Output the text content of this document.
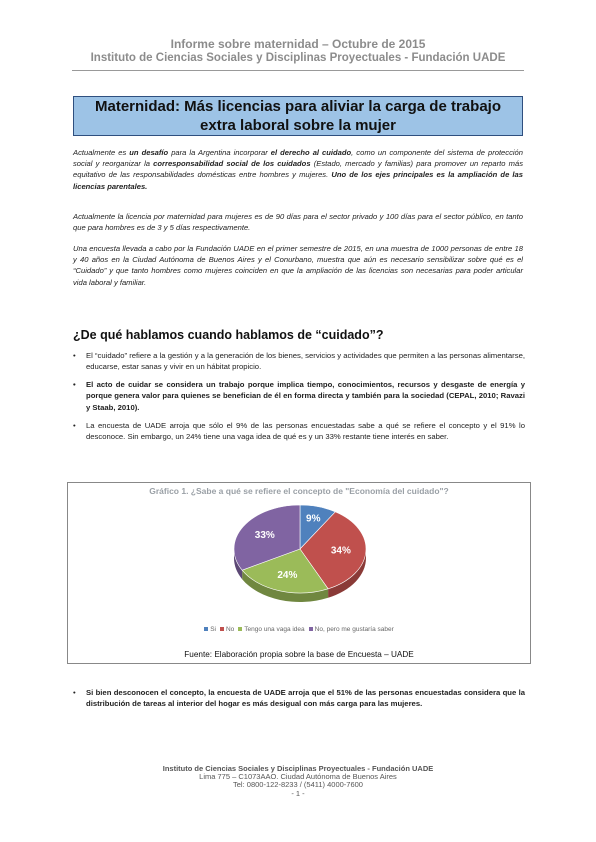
Informe sobre maternidad – Octubre de 2015
Instituto de Ciencias Sociales y Disciplinas Proyectuales - Fundación UADE
Maternidad: Más licencias para aliviar la carga de trabajo
extra laboral sobre la mujer
Actualmente es un desafío para la Argentina incorporar el derecho al cuidado, como un componente del sistema de protección social y reorganizar la corresponsabilidad social de los cuidados (Estado, mercado y familias) para promover un reparto más equitativo de las responsabilidades domésticas entre hombres y mujeres. Uno de los ejes principales es la ampliación de las licencias parentales.
Actualmente la licencia por maternidad para mujeres es de 90 días para el sector privado y 100 días para el sector público, en tanto que para hombres es de 3 y 5 días respectivamente.
Una encuesta llevada a cabo por la Fundación UADE en el primer semestre de 2015, en una muestra de 1000 personas de entre 18 y 40 años en la Ciudad Autónoma de Buenos Aires y el Conurbano, muestra que aún es necesario sensibilizar sobre qué es el “Cuidado” y que tanto hombres como mujeres coinciden en que la ampliación de las licencias son necesarias para poder articular vida laboral y familiar.
¿De qué hablamos cuando hablamos de “cuidado”?
• El “cuidado” refiere a la gestión y a la generación de los bienes, servicios y actividades que permiten a las personas alimentarse, educarse, estar sanas y vivir en un hábitat propicio.
• El acto de cuidar se considera un trabajo porque implica tiempo, conocimientos, recursos y desgaste de energía y porque genera valor para quienes se benefician de él en forma directa y también para la sociedad (CEPAL, 2010; Ravazi y Staab, 2010).
• La encuesta de UADE arroja que sólo el 9% de las personas encuestadas sabe a qué se refiere el concepto y el 91% lo desconoce. Sin embargo, un 24% tiene una vaga idea de qué es y un 33% restante tiene interés en saber.
Gráfico 1. ¿Sabe a qué se refiere el concepto de "Economía del cuidado"?
9%
34%
24%
33%
Si No Tengo una vaga idea No, pero me gustaría saber
Fuente: Elaboración propia sobre la base de Encuesta – UADE
• Si bien desconocen el concepto, la encuesta de UADE arroja que el 51% de las personas encuestadas considera que la distribución de tareas al interior del hogar es más desigual con más carga para las mujeres.
Instituto de Ciencias Sociales y Disciplinas Proyectuales - Fundación UADE
Lima 775 – C1073AAO. Ciudad Autónoma de Buenos Aires
Tel: 0800-122-8233 / (5411) 4000-7600
- 1 -
